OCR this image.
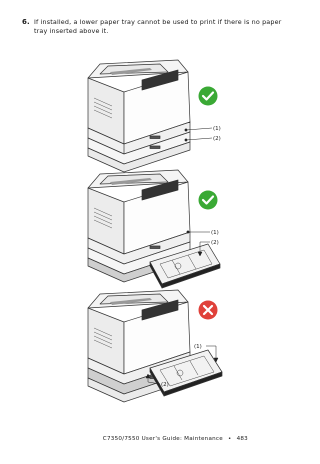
6. If installed, a lower paper tray cannot be used to print if there is no paper tray inserted above it.
(1)
(2)
(1)
(2)
(1)
(2)
C7350/7550 User's Guide: Maintenance • 483
